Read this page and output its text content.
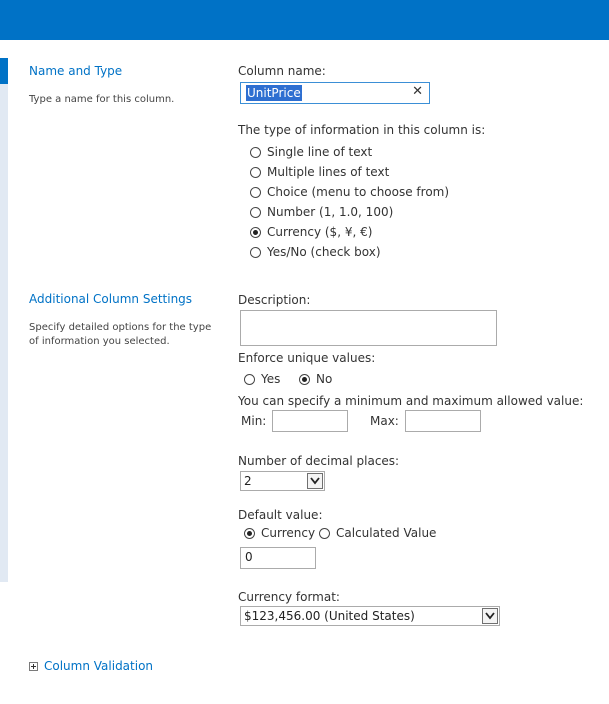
Name and Type
Type a name for this column.
Column name:
UnitPrice	✕
The type of information in this column is:
Single line of text
Multiple lines of text
Choice (menu to choose from)
Number (1, 1.0, 100)
Currency ($, ¥, €)
Yes/No (check box)
Additional Column Settings
Specify detailed options for the type of information you selected.
Description:
Enforce unique values:
Yes	No
You can specify a minimum and maximum allowed value:
Min:	Max:
Number of decimal places:
2
Default value:
Currency Calculated Value
0
Currency format:
$123,456.00 (United States)
Column Validation
